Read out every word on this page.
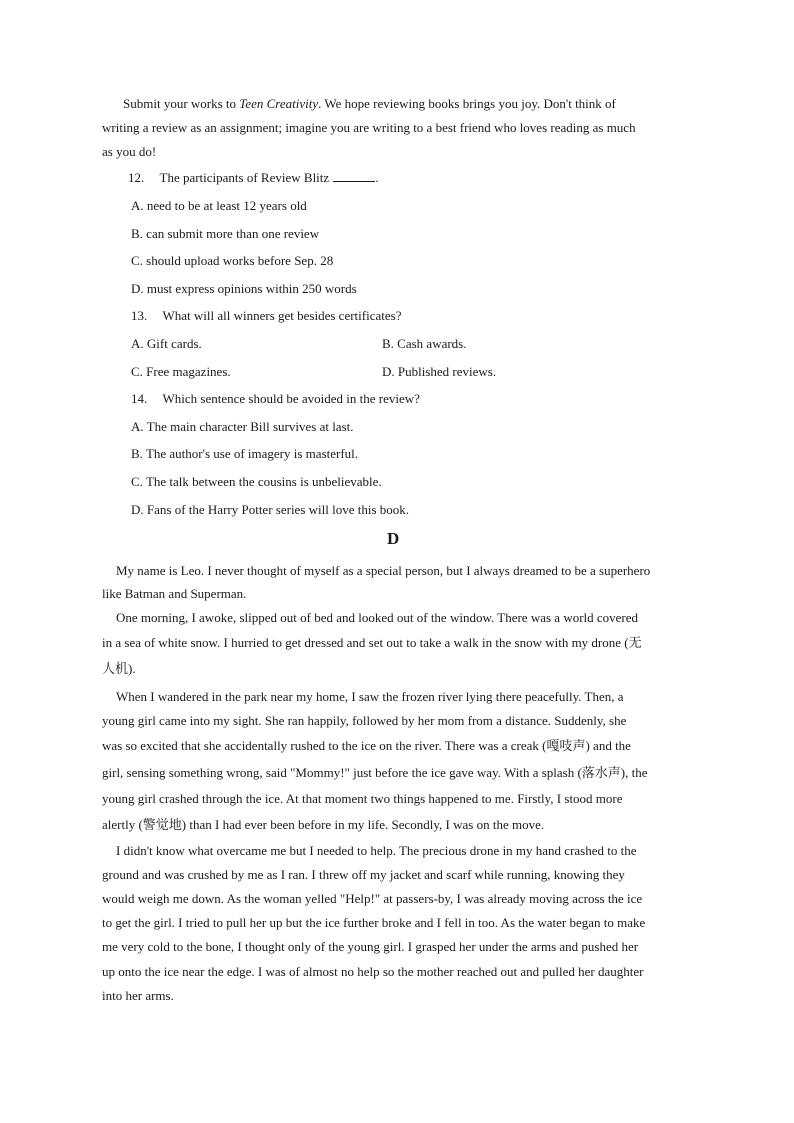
Submit your works to Teen Creativity. We hope reviewing books brings you joy. Don't think of
writing a review as an assignment; imagine you are writing to a best friend who loves reading as much
as you do!
12. The participants of Review Blitz	.
A. need to be at least 12 years old
B. can submit more than one review
C. should upload works before Sep. 28
D. must express opinions within 250 words
13. What will all winners get besides certificates?
A. Gift cards.	B. Cash awards.
C. Free magazines.	D. Published reviews.
14. Which sentence should be avoided in the review?
A. The main character Bill survives at last.
B. The author's use of imagery is masterful.
C. The talk between the cousins is unbelievable.
D. Fans of the Harry Potter series will love this book.
D
My name is Leo. I never thought of myself as a special person, but I always dreamed to be a superhero
like Batman and Superman.
One morning, I awoke, slipped out of bed and looked out of the window. There was a world covered
in a sea of white snow. I hurried to get dressed and set out to take a walk in the snow with my drone (无
人机).
When I wandered in the park near my home, I saw the frozen river lying there peacefully. Then, a
young girl came into my sight. She ran happily, followed by her mom from a distance. Suddenly, she
was so excited that she accidentally rushed to the ice on the river. There was a creak (嘎吱声) and the
girl, sensing something wrong, said "Mommy!" just before the ice gave way. With a splash (落水声), the
young girl crashed through the ice. At that moment two things happened to me. Firstly, I stood more
alertly (警觉地) than I had ever been before in my life. Secondly, I was on the move.
I didn't know what overcame me but I needed to help. The precious drone in my hand crashed to the
ground and was crushed by me as I ran. I threw off my jacket and scarf while running, knowing they
would weigh me down. As the woman yelled "Help!" at passers-by, I was already moving across the ice
to get the girl. I tried to pull her up but the ice further broke and I fell in too. As the water began to make
me very cold to the bone, I thought only of the young girl. I grasped her under the arms and pushed her
up onto the ice near the edge. I was of almost no help so the mother reached out and pulled her daughter
into her arms.
